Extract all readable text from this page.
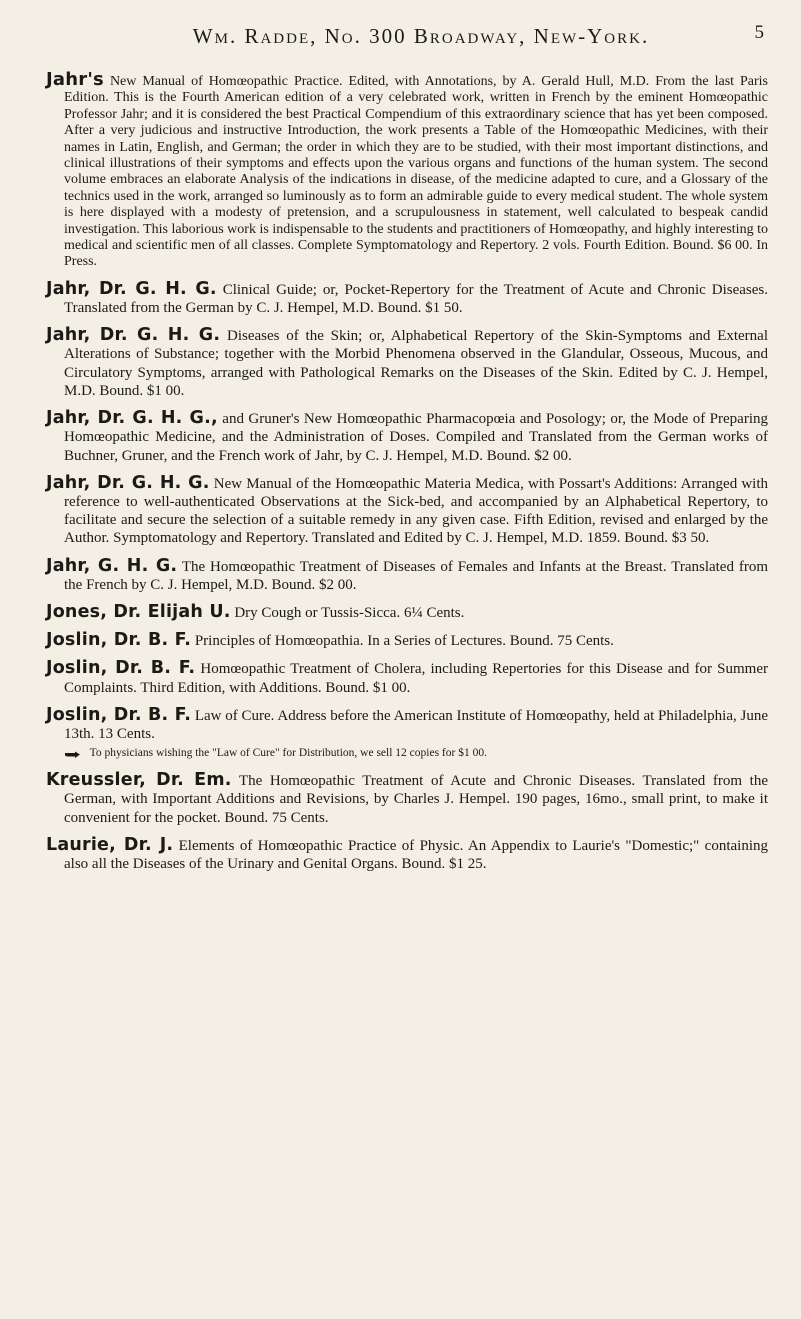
Wm. Radde, No. 300 Broadway, New-York.	5

Jahr's New Manual of Homœopathic Practice. Edited, with Annotations, by A. Gerald Hull, M.D. From the last Paris Edition. This is the Fourth American edition of a very celebrated work, written in French by the eminent Homœopathic Professor Jahr; and it is considered the best Practical Compendium of this extraordinary science that has yet been composed. After a very judicious and instructive Introduction, the work presents a Table of the Homœopathic Medicines, with their names in Latin, English, and German; the order in which they are to be studied, with their most important distinctions, and clinical illustrations of their symptoms and effects upon the various organs and functions of the human system. The second volume embraces an elaborate Analysis of the indications in disease, of the medicine adapted to cure, and a Glossary of the technics used in the work, arranged so luminously as to form an admirable guide to every medical student. The whole system is here displayed with a modesty of pretension, and a scrupulousness in statement, well calculated to bespeak candid investigation. This laborious work is indispensable to the students and practitioners of Homœopathy, and highly interesting to medical and scientific men of all classes. Complete Symptomatology and Repertory. 2 vols. Fourth Edition. Bound. $6 00. In Press.

Jahr, Dr. G. H. G. Clinical Guide; or, Pocket-Repertory for the Treatment of Acute and Chronic Diseases. Translated from the German by C. J. Hempel, M.D. Bound. $1 50.

Jahr, Dr. G. H. G. Diseases of the Skin; or, Alphabetical Repertory of the Skin-Symptoms and External Alterations of Substance; together with the Morbid Phenomena observed in the Glandular, Osseous, Mucous, and Circulatory Symptoms, arranged with Pathological Remarks on the Diseases of the Skin. Edited by C. J. Hempel, M.D. Bound. $1 00.

Jahr, Dr. G. H. G., and Gruner's New Homœopathic Pharmacopœia and Posology; or, the Mode of Preparing Homœopathic Medicine, and the Administration of Doses. Compiled and Translated from the German works of Buchner, Gruner, and the French work of Jahr, by C. J. Hempel, M.D. Bound. $2 00.

Jahr, Dr. G. H. G. New Manual of the Homœopathic Materia Medica, with Possart's Additions: Arranged with reference to well-authenticated Observations at the Sick-bed, and accompanied by an Alphabetical Repertory, to facilitate and secure the selection of a suitable remedy in any given case. Fifth Edition, revised and enlarged by the Author. Symptomatology and Repertory. Translated and Edited by C. J. Hempel, M.D. 1859. Bound. $3 50.

Jahr, G. H. G. The Homœopathic Treatment of Diseases of Females and Infants at the Breast. Translated from the French by C. J. Hempel, M.D. Bound. $2 00.

Jones, Dr. Elijah U. Dry Cough or Tussis-Sicca. 6¼ Cents.

Joslin, Dr. B. F. Principles of Homœopathia. In a Series of Lectures. Bound. 75 Cents.

Joslin, Dr. B. F. Homœopathic Treatment of Cholera, including Repertories for this Disease and for Summer Complaints. Third Edition, with Additions. Bound. $1 00.

Joslin, Dr. B. F. Law of Cure. Address before the American Institute of Homœopathy, held at Philadelphia, June 13th. 13 Cents.

To physicians wishing the "Law of Cure" for Distribution, we sell 12 copies for $1 00.

Kreussler, Dr. Em. The Homœopathic Treatment of Acute and Chronic Diseases. Translated from the German, with Important Additions and Revisions, by Charles J. Hempel. 190 pages, 16mo., small print, to make it convenient for the pocket. Bound. 75 Cents.

Laurie, Dr. J. Elements of Homœopathic Practice of Physic. An Appendix to Laurie's "Domestic;" containing also all the Diseases of the Urinary and Genital Organs. Bound. $1 25.
